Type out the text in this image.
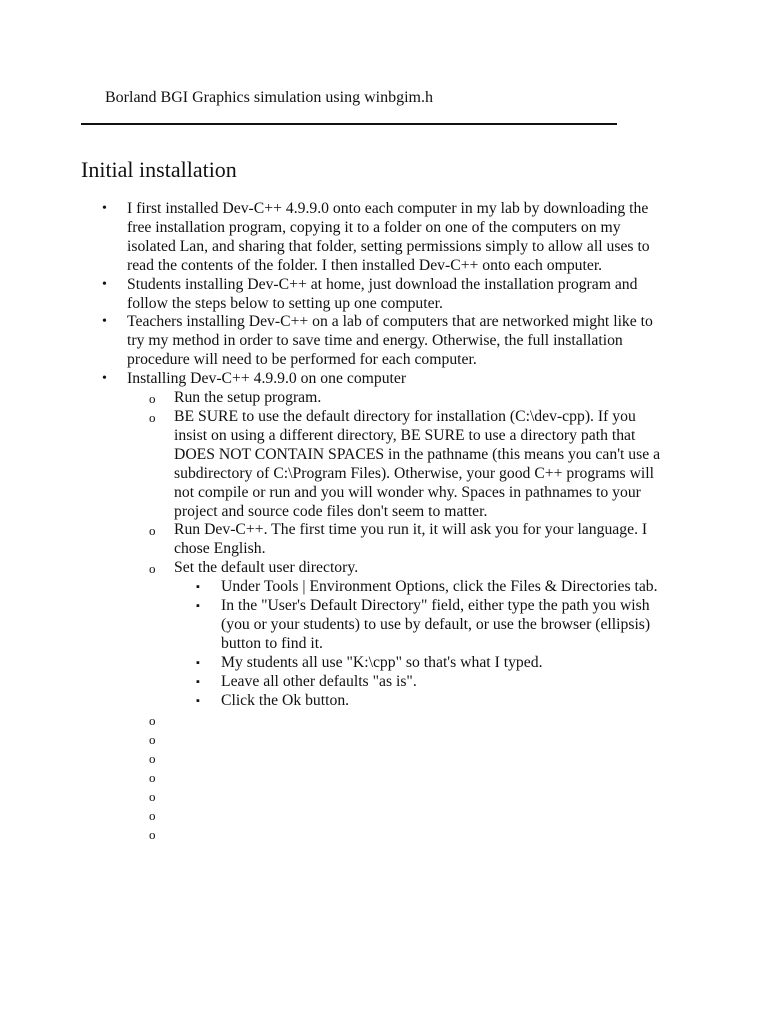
Borland BGI Graphics simulation using winbgim.h
Initial installation
• I first installed Dev-C++ 4.9.9.0 onto each computer in my lab by downloading the free installation program, copying it to a folder on one of the computers on my isolated Lan, and sharing that folder, setting permissions simply to allow all uses to read the contents of the folder. I then installed Dev-C++ onto each omputer.
• Students installing Dev-C++ at home, just download the installation program and follow the steps below to setting up one computer.
• Teachers installing Dev-C++ on a lab of computers that are networked might like to try my method in order to save time and energy. Otherwise, the full installation procedure will need to be performed for each computer.
• Installing Dev-C++ 4.9.9.0 on one computer
o Run the setup program.
o BE SURE to use the default directory for installation (C:\dev-cpp). If you insist on using a different directory, BE SURE to use a directory path that DOES NOT CONTAIN SPACES in the pathname (this means you can't use a subdirectory of C:\Program Files). Otherwise, your good C++ programs will not compile or run and you will wonder why. Spaces in pathnames to your project and source code files don't seem to matter.
o Run Dev-C++. The first time you run it, it will ask you for your language. I chose English.
o Set the default user directory.
▪ Under Tools | Environment Options, click the Files & Directories tab.
▪ In the "User's Default Directory" field, either type the path you wish (you or your students) to use by default, or use the browser (ellipsis) button to find it.
▪ My students all use "K:\cpp" so that's what I typed.
▪ Leave all other defaults "as is".
▪ Click the Ok button.
o
o
o
o
o
o
o
